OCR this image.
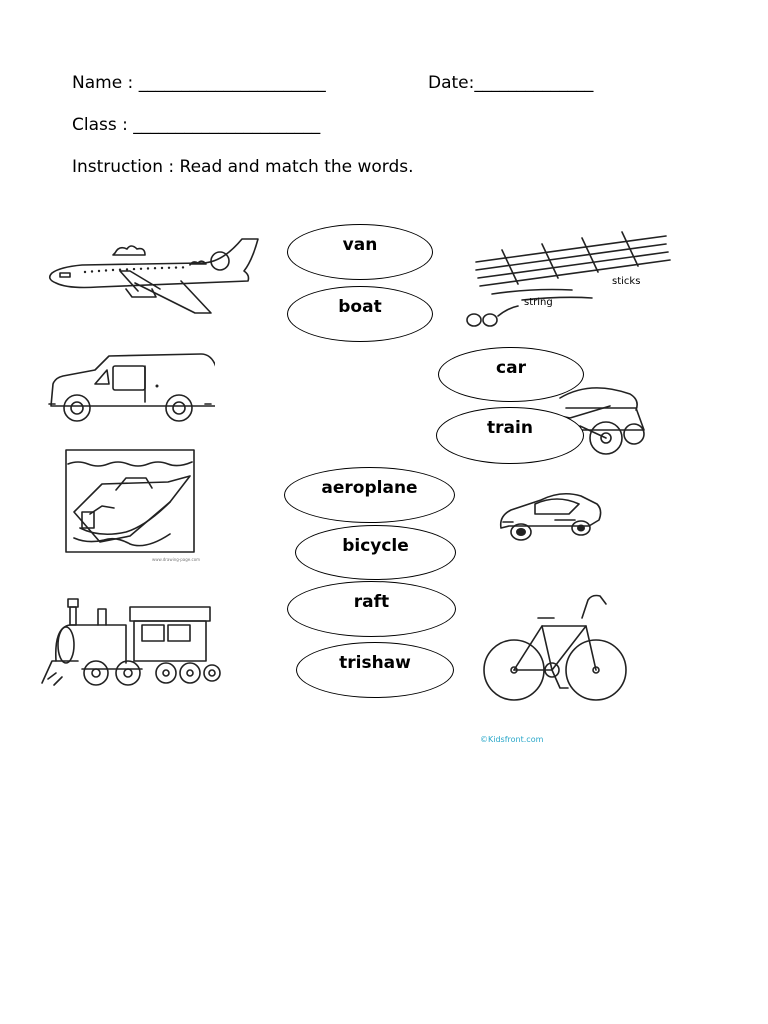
Name : ______________________	Date:______________
Class : ______________________
Instruction : Read and match the words.
www.drawing-page.com
sticks
string
©Kidsfront.com
van
boat
car
train
aeroplane
bicycle
raft
trishaw
